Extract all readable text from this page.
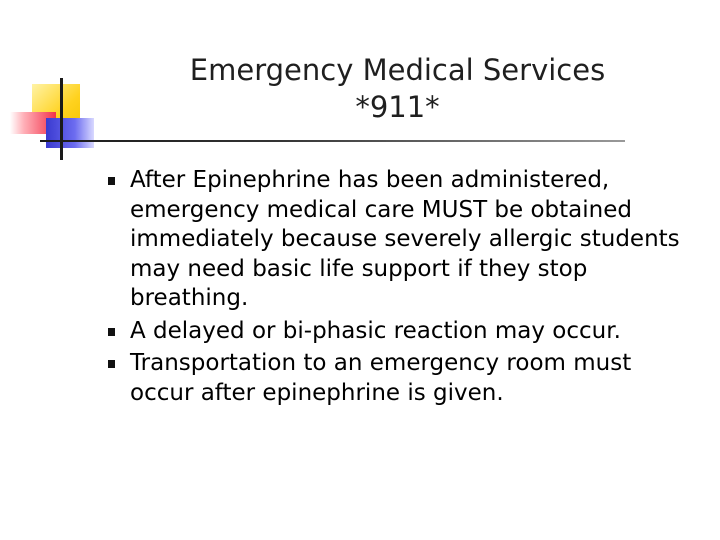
Emergency Medical Services
*911*
After Epinephrine has been administered, emergency medical care MUST be obtained immediately because severely allergic students may need basic life support if they stop breathing.
A delayed or bi-phasic reaction may occur.
Transportation to an emergency room must occur after epinephrine is given.
